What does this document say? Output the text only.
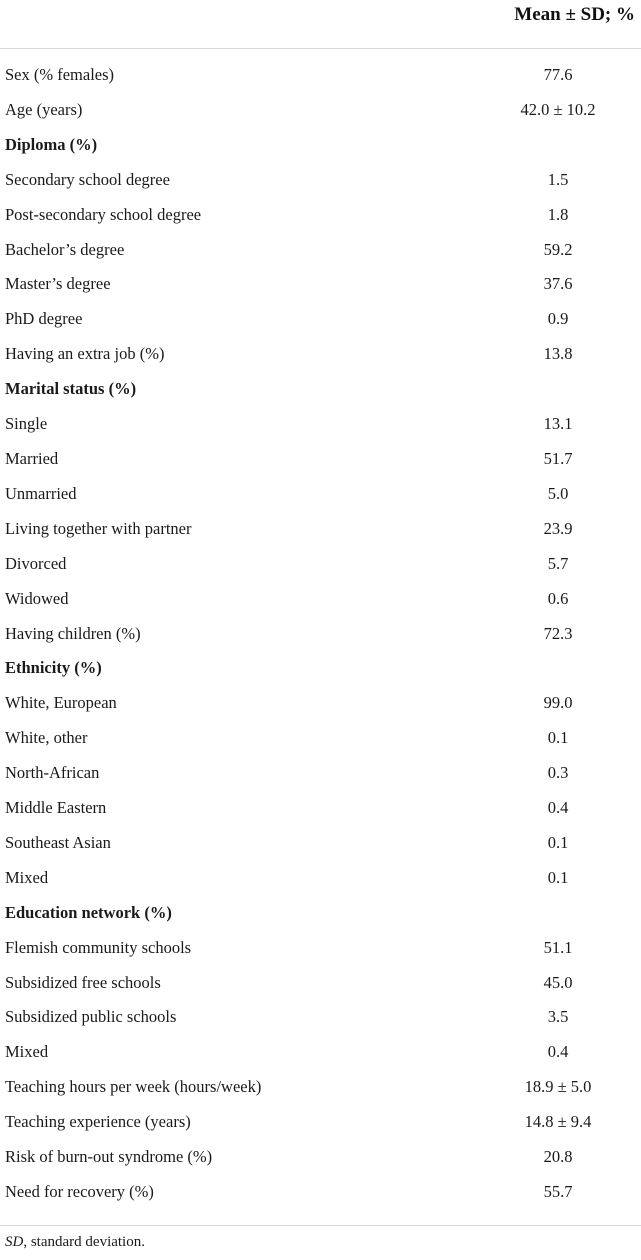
Mean ± SD; %
Sex (% females)	77.6
Age (years)	42.0 ± 10.2
Diploma (%)
Secondary school degree	1.5
Post-secondary school degree	1.8
Bachelor’s degree	59.2
Master’s degree	37.6
PhD degree	0.9
Having an extra job (%)	13.8
Marital status (%)
Single	13.1
Married	51.7
Unmarried	5.0
Living together with partner	23.9
Divorced	5.7
Widowed	0.6
Having children (%)	72.3
Ethnicity (%)
White, European	99.0
White, other	0.1
North-African	0.3
Middle Eastern	0.4
Southeast Asian	0.1
Mixed	0.1
Education network (%)
Flemish community schools	51.1
Subsidized free schools	45.0
Subsidized public schools	3.5
Mixed	0.4
Teaching hours per week (hours/week)	18.9 ± 5.0
Teaching experience (years)	14.8 ± 9.4
Risk of burn-out syndrome (%)	20.8
Need for recovery (%)	55.7
SD, standard deviation.
